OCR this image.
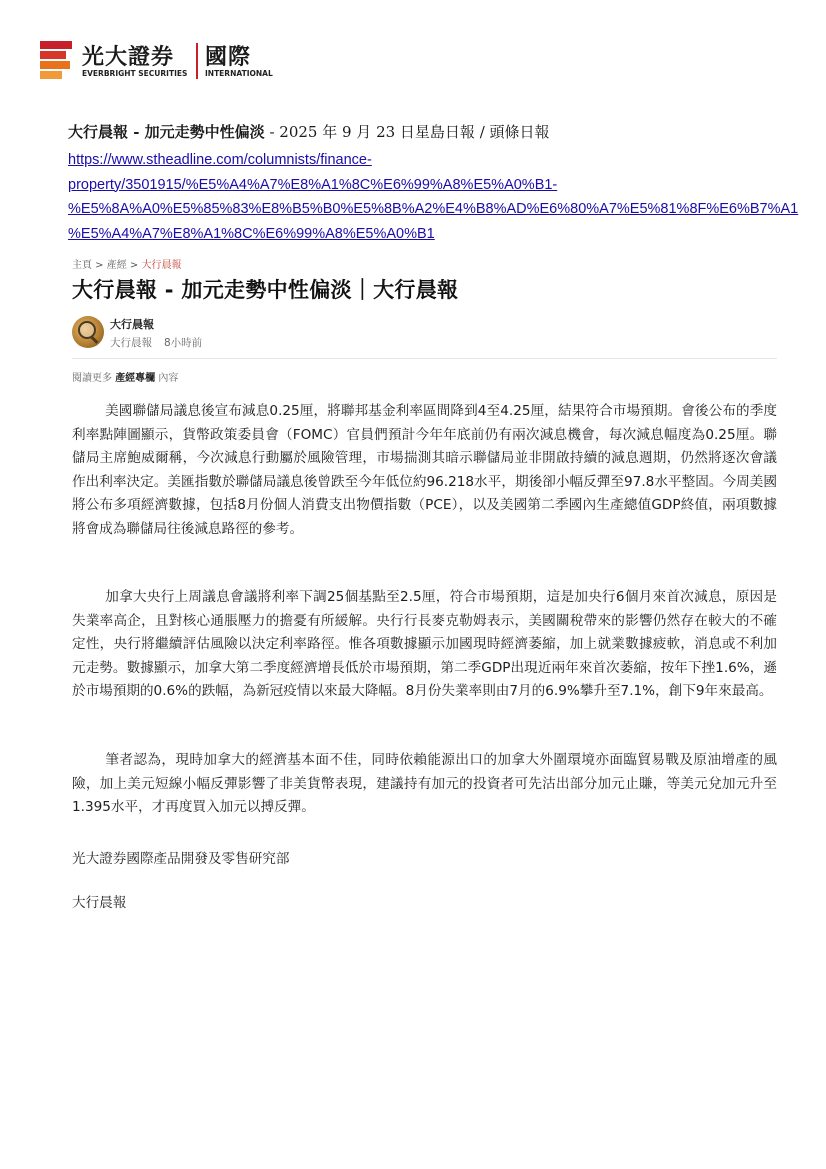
光大證券 國際
EVERBRIGHT SECURITIES INTERNATIONAL
大行晨報 - 加元走勢中性偏淡 - 2025 年 9 月 23 日星島日報 / 頭條日報
https://www.stheadline.com/columnists/finance-
property/3501915/%E5%A4%A7%E8%A1%8C%E6%99%A8%E5%A0%B1-
%E5%8A%A0%E5%85%83%E8%B5%B0%E5%8B%A2%E4%B8%AD%E6%80%A7%E5%81%8F%E6%B7%A1
%E5%A4%A7%E8%A1%8C%E6%99%A8%E5%A0%B1
主頁 > 產經 > 大行晨報
大行晨報 - 加元走勢中性偏淡｜大行晨報
大行晨報
大行晨報 8小時前
閱讀更多 產經專欄 內容

美國聯儲局議息後宣布減息0.25厘，將聯邦基金利率區間降到4至4.25厘，結果符合市場預期。會後公布的季度利率點陣圖顯示，貨幣政策委員會（FOMC）官員們預計今年年底前仍有兩次減息機會，每次減息幅度為0.25厘。聯儲局主席鮑威爾稱，今次減息行動屬於風險管理，市場揣測其暗示聯儲局並非開啟持續的減息週期，仍然將逐次會議作出利率決定。美匯指數於聯儲局議息後曾跌至今年低位約96.218水平，期後卻小幅反彈至97.8水平整固。今周美國將公布多項經濟數據，包括8月份個人消費支出物價指數（PCE），以及美國第二季國內生產總值GDP終值，兩項數據將會成為聯儲局往後減息路徑的參考。

加拿大央行上周議息會議將利率下調25個基點至2.5厘，符合市場預期，這是加央行6個月來首次減息，原因是失業率高企，且對核心通脹壓力的擔憂有所緩解。央行行長麥克勒姆表示，美國關稅帶來的影響仍然存在較大的不確定性，央行將繼續評估風險以決定利率路徑。惟各項數據顯示加國現時經濟萎縮，加上就業數據疲軟，消息或不利加元走勢。數據顯示，加拿大第二季度經濟增長低於市場預期，第二季GDP出現近兩年來首次萎縮，按年下挫1.6%，遜於市場預期的0.6%的跌幅，為新冠疫情以來最大降幅。8月份失業率則由7月的6.9%攀升至7.1%，創下9年來最高。

筆者認為，現時加拿大的經濟基本面不佳，同時依賴能源出口的加拿大外圍環境亦面臨貿易戰及原油增產的風險，加上美元短線小幅反彈影響了非美貨幣表現，建議持有加元的投資者可先沽出部分加元止賺，等美元兌加元升至1.395水平，才再度買入加元以搏反彈。

光大證券國際產品開發及零售研究部
大行晨報
